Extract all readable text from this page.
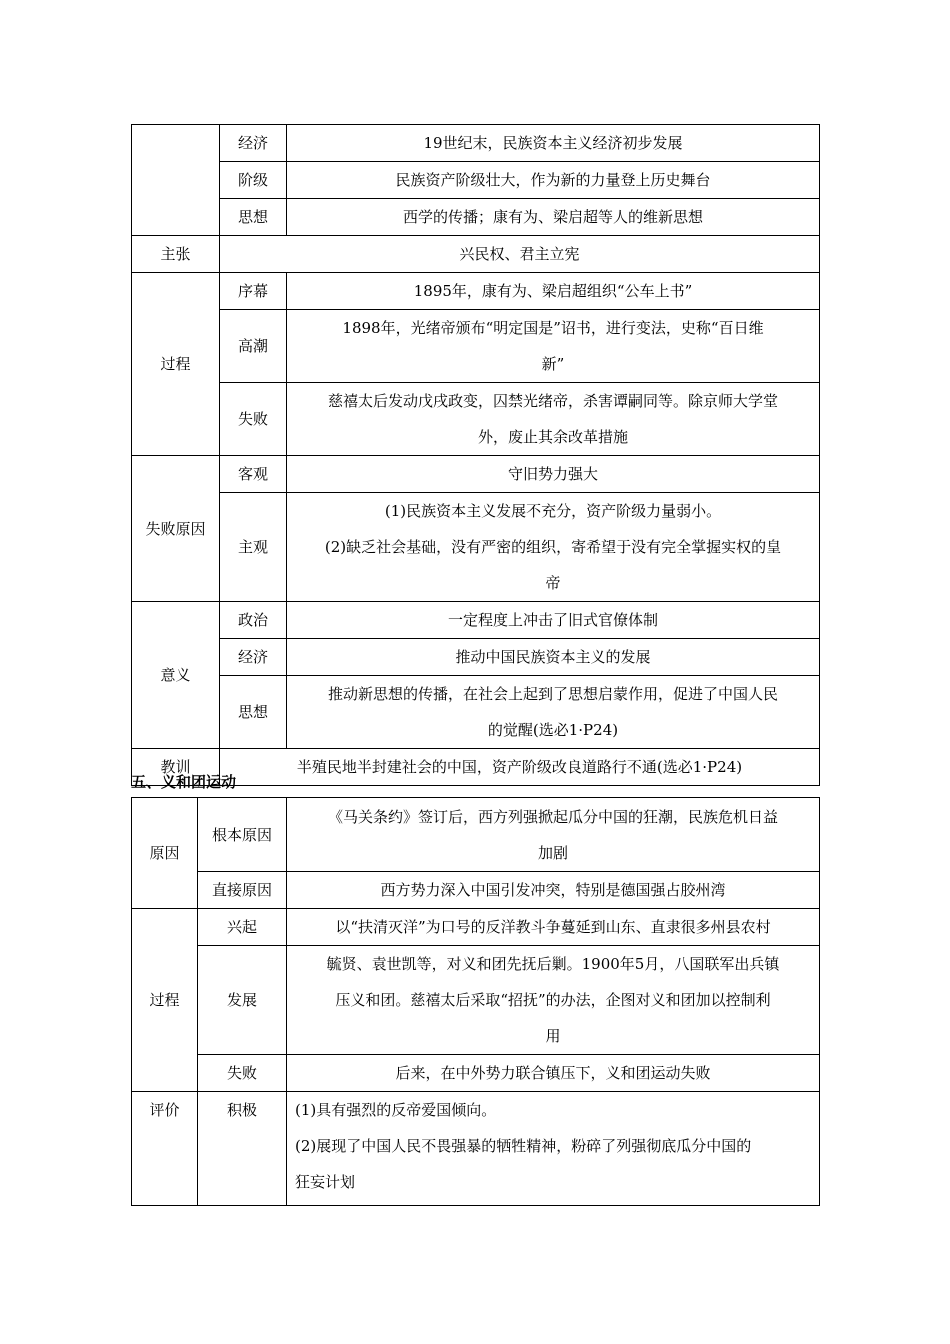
	经济	19世纪末，民族资本主义经济初步发展
	阶级	民族资产阶级壮大，作为新的力量登上历史舞台
	思想	西学的传播；康有为、梁启超等人的维新思想
主张	兴民权、君主立宪	
过程	序幕	1895年，康有为、梁启超组织“公车上书”
	高潮	1898年，光绪帝颁布“明定国是”诏书，进行变法，史称“百日维
新”

	失败	慈禧太后发动戊戌政变，囚禁光绪帝，杀害谭嗣同等。除京师大学堂
外，废止其余改革措施

失败原因	客观	守旧势力强大
	主观	(1)民族资本主义发展不充分，资产阶级力量弱小。
(2)缺乏社会基础，没有严密的组织，寄希望于没有完全掌握实权的皇
帝

意义	政治	一定程度上冲击了旧式官僚体制
	经济	推动中国民族资本主义的发展
	思想	推动新思想的传播，在社会上起到了思想启蒙作用，促进了中国人民
的觉醒(选必1·P24)

教训	半殖民地半封建社会的中国，资产阶级改良道路行不通(选必1·P24)	
五、义和团运动
原因	根本原因	《马关条约》签订后，西方列强掀起瓜分中国的狂潮，民族危机日益
加剧

	直接原因	西方势力深入中国引发冲突，特别是德国强占胶州湾
过程	兴起	以“扶清灭洋”为口号的反洋教斗争蔓延到山东、直隶很多州县农村
	发展	毓贤、袁世凯等，对义和团先抚后剿。1900年5月，八国联军出兵镇
压义和团。慈禧太后采取“招抚”的办法，企图对义和团加以控制利
用

	失败	后来，在中外势力联合镇压下，义和团运动失败
评价	积极	(1)具有强烈的反帝爱国倾向。
(2)展现了中国人民不畏强暴的牺牲精神，粉碎了列强彻底瓜分中国的
狂妄计划
